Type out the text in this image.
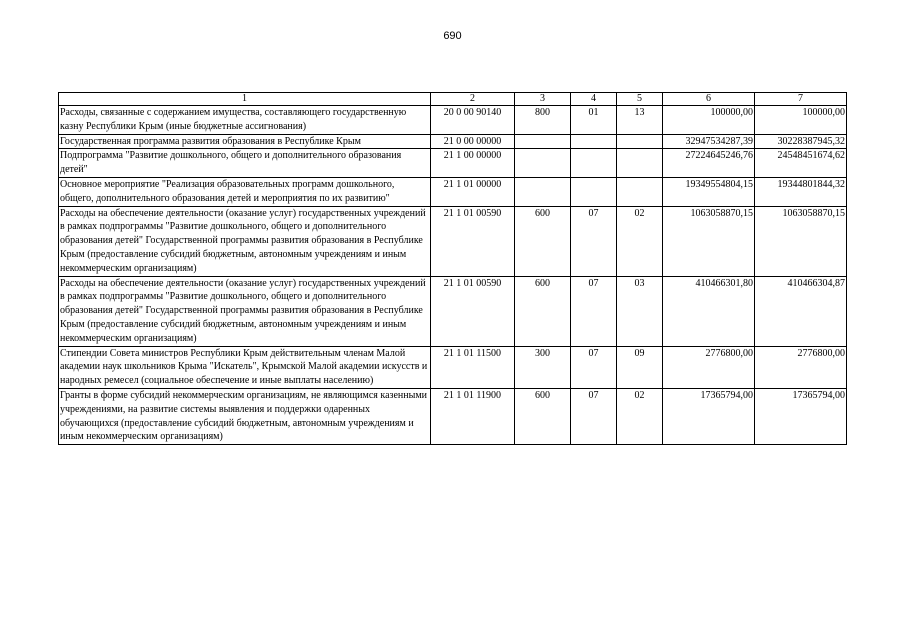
690
1	2	3	4	5	6	7
Расходы, связанные с содержанием имущества, составляющего государственную казну Республики Крым (иные бюджетные ассигнования)	20 0 00 90140	800	01	13	100000,00	100000,00
Государственная программа развития образования в Республике Крым	21 0 00 00000				32947534287,39	30228387945,32
Подпрограмма "Развитие дошкольного, общего и дополнительного образования детей"	21 1 00 00000				27224645246,76	24548451674,62
Основное мероприятие "Реализация образовательных программ дошкольного, общего, дополнительного образования детей и мероприятия по их развитию"	21 1 01 00000				19349554804,15	19344801844,32
Расходы на обеспечение деятельности (оказание услуг) государственных учреждений в рамках подпрограммы "Развитие дошкольного, общего и дополнительного образования детей" Государственной программы развития образования в Республике Крым (предоставление субсидий бюджетным, автономным учреждениям и иным некоммерческим организациям)	21 1 01 00590	600	07	02	1063058870,15	1063058870,15
Расходы на обеспечение деятельности (оказание услуг) государственных учреждений в рамках подпрограммы "Развитие дошкольного, общего и дополнительного образования детей" Государственной программы развития образования в Республике Крым (предоставление субсидий бюджетным, автономным учреждениям и иным некоммерческим организациям)	21 1 01 00590	600	07	03	410466301,80	410466304,87
Стипендии Совета министров Республики Крым действительным членам Малой академии наук школьников Крыма "Искатель", Крымской Малой академии искусств и народных ремесел (социальное обеспечение и иные выплаты населению)	21 1 01 11500	300	07	09	2776800,00	2776800,00
Гранты в форме субсидий некоммерческим организациям, не являющимся казенными учреждениями, на развитие системы выявления и поддержки одаренных обучающихся (предоставление субсидий бюджетным, автономным учреждениям и иным некоммерческим организациям)	21 1 01 11900	600	07	02	17365794,00	17365794,00
